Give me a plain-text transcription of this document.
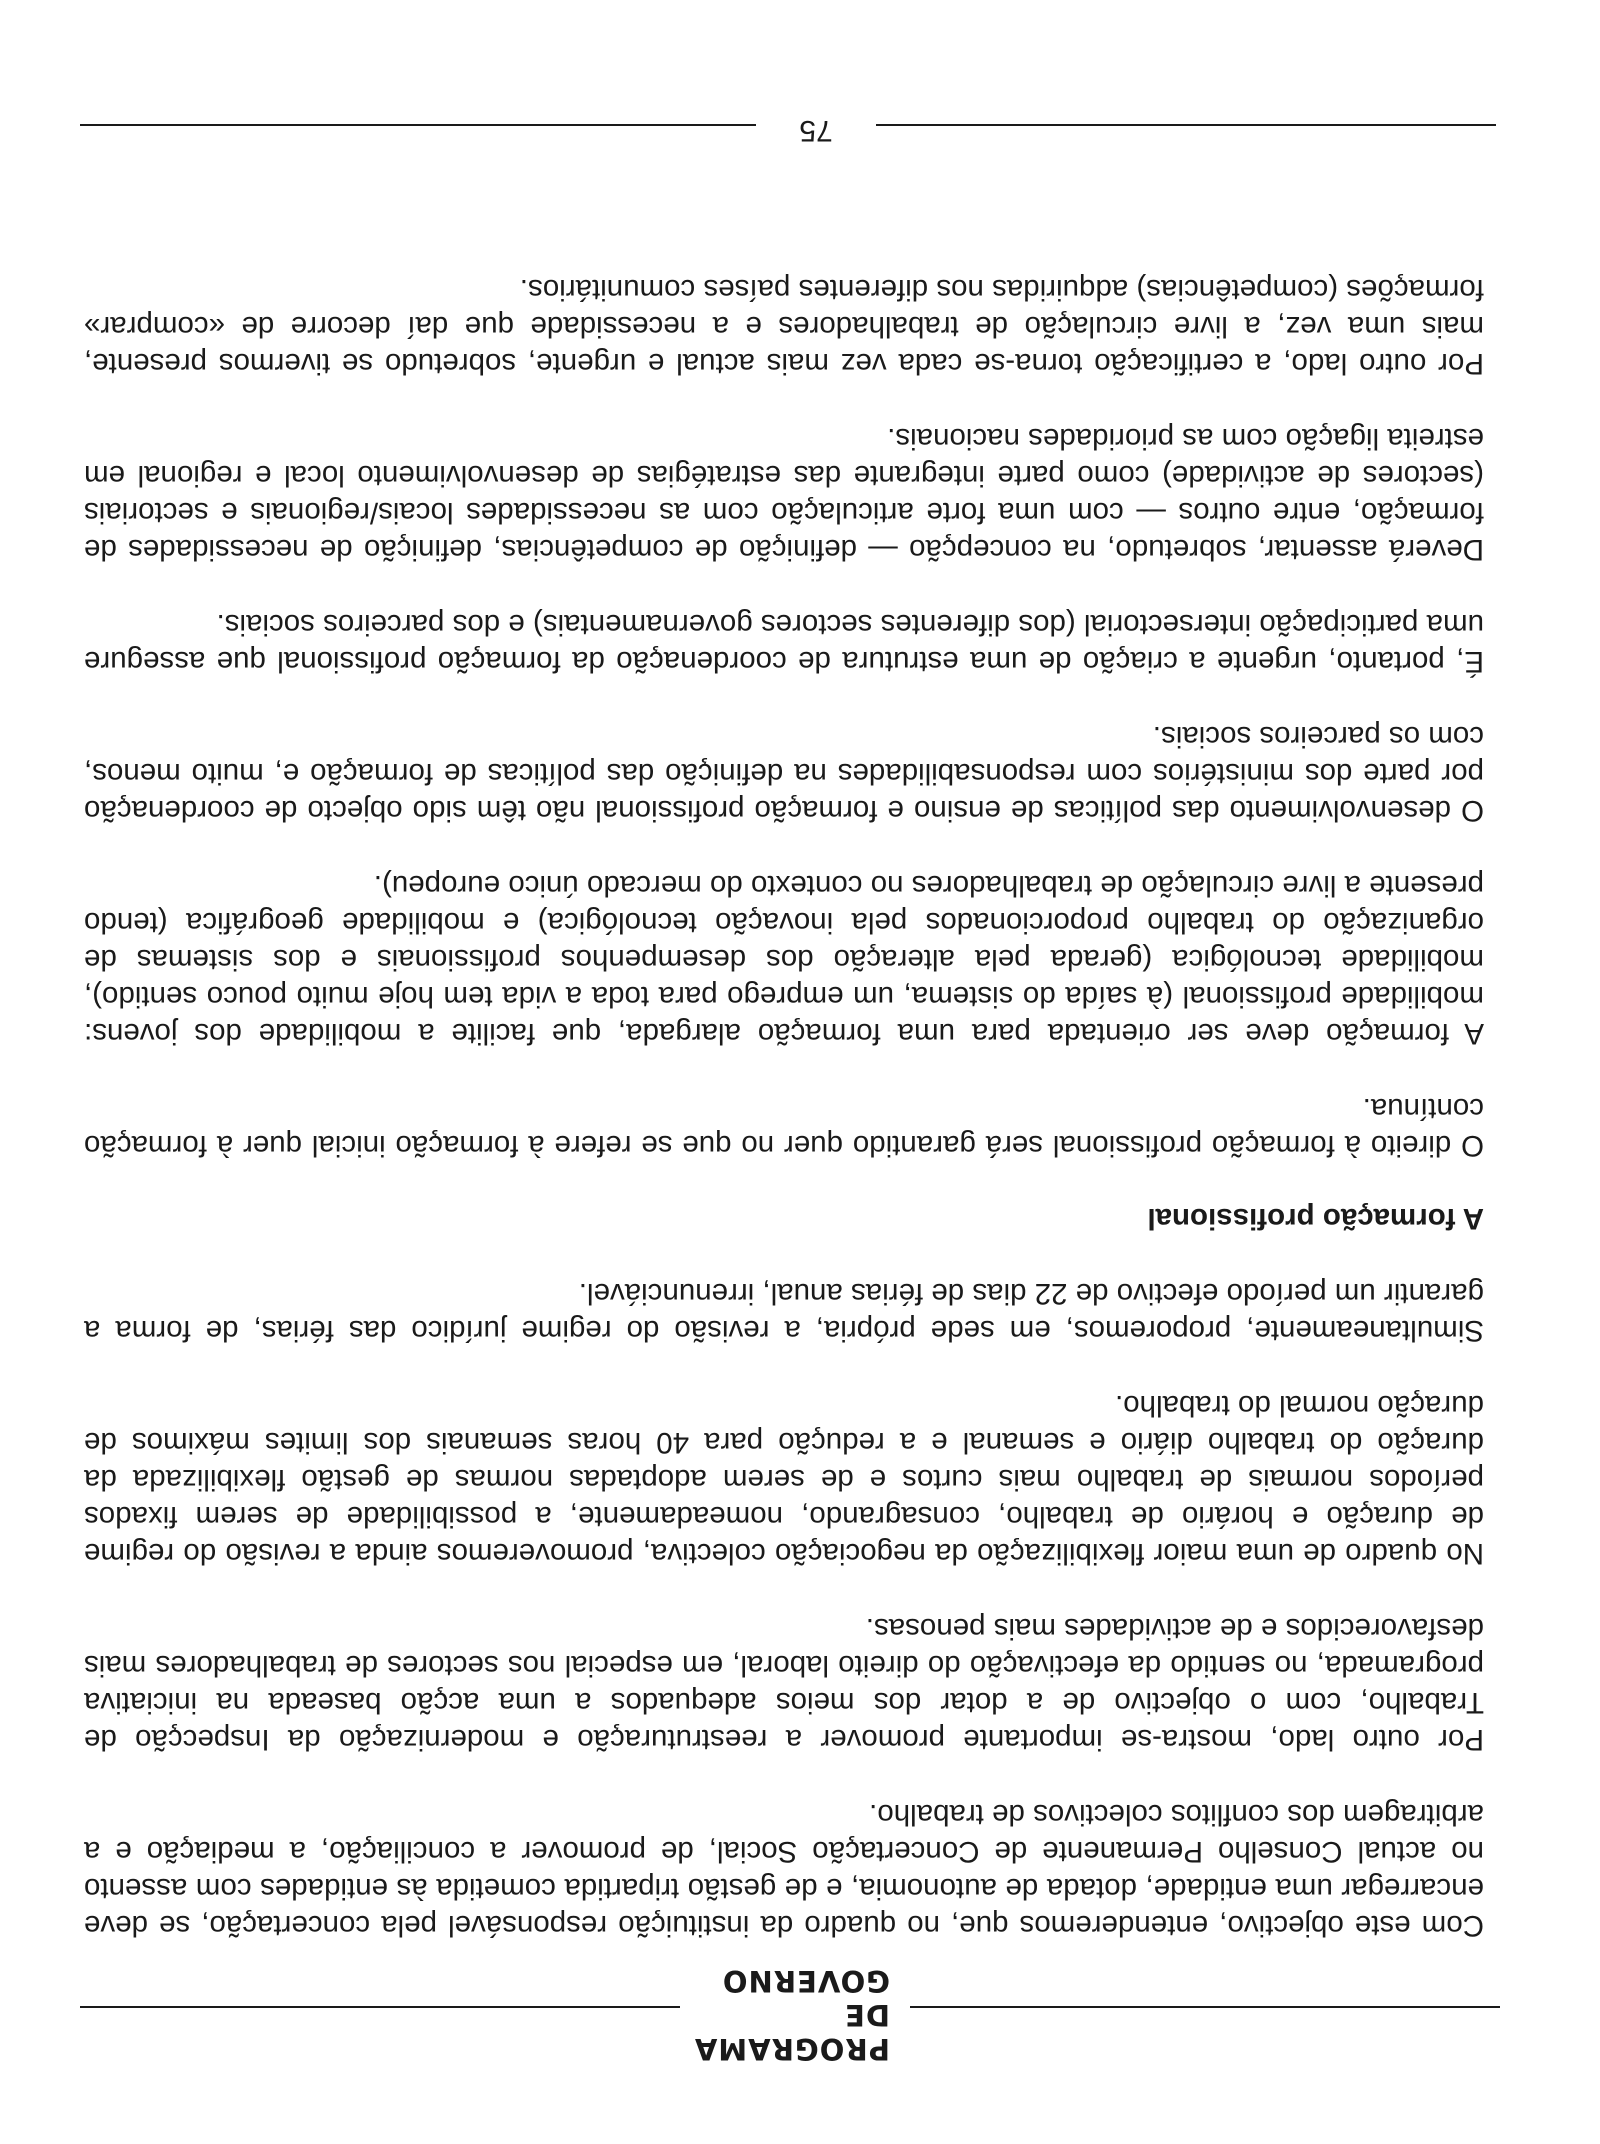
PROGRAMA
DE GOVERNO

Com este objectivo, entenderemos que, no quadro da instituição responsável pela concertação, se deve encarregar uma entidade, dotada de autonomia, e de gestão tripartida cometida às entidades com assento no actual Conselho Permanente de Concertação Social, de promover a conciliação, a mediação e a arbitragem dos conflitos colectivos de trabalho.

Por outro lado, mostra-se importante promover a reestruturação e modernização da Inspecção de Trabalho, com o objectivo de a dotar dos meios adequados a uma acção baseada na iniciativa programada, no sentido da efectivação do direito laboral, em especial nos sectores de trabalhadores mais desfavorecidos e de actividades mais penosas.

No quadro de uma maior flexibilização da negociação colectiva, promoveremos ainda a revisão do regime de duração e horário de trabalho, consagrando, nomeadamente, a possibilidade de serem fixados períodos normais de trabalho mais curtos e de serem adoptadas normas de gestão flexibilizada da duração do trabalho diário e semanal e a redução para 40 horas semanais dos limites máximos de duração normal do trabalho.

Simultaneamente, proporemos, em sede própria, a revisão do regime jurídico das férias, de forma a garantir um período efectivo de 22 dias de férias anual, irrenunciável.

A formação profissional

O direito à formação profissional será garantido quer no que se refere à formação inicial quer à formação contínua.

A formação deve ser orientada para uma formação alargada, que facilite a mobilidade dos jovens: mobilidade profissional (à saída do sistema, um emprego para toda a vida tem hoje muito pouco sentido), mobilidade tecnológica (gerada pela alteração dos desempenhos profissionais e dos sistemas de organização do trabalho proporcionados pela inovação tecnológica) e mobilidade geográfica (tendo presente a livre circulação de trabalhadores no contexto do mercado único europeu).

O desenvolvimento das políticas de ensino e formação profissional não têm sido objecto de coordenação por parte dos ministérios com responsabilidades na definição das políticas de formação e, muito menos, com os parceiros sociais.

É, portanto, urgente a criação de uma estrutura de coordenação da formação profissional que assegure uma participação intersectorial (dos diferentes sectores governamentais) e dos parceiros sociais.

Deverá assentar, sobretudo, na concepção — definição de competências, definição de necessidades de formação, entre outros — com uma forte articulação com as necessidades locais/regionais e sectoriais (sectores de actividade) como parte integrante das estratégias de desenvolvimento local e regional em estreita ligação com as prioridades nacionais.

Por outro lado, a certificação torna-se cada vez mais actual e urgente, sobretudo se tivermos presente, mais uma vez, a livre circulação de trabalhadores e a necessidade que daí decorre de «comprar» formações (competências) adquiridas nos diferentes países comunitários.

75
